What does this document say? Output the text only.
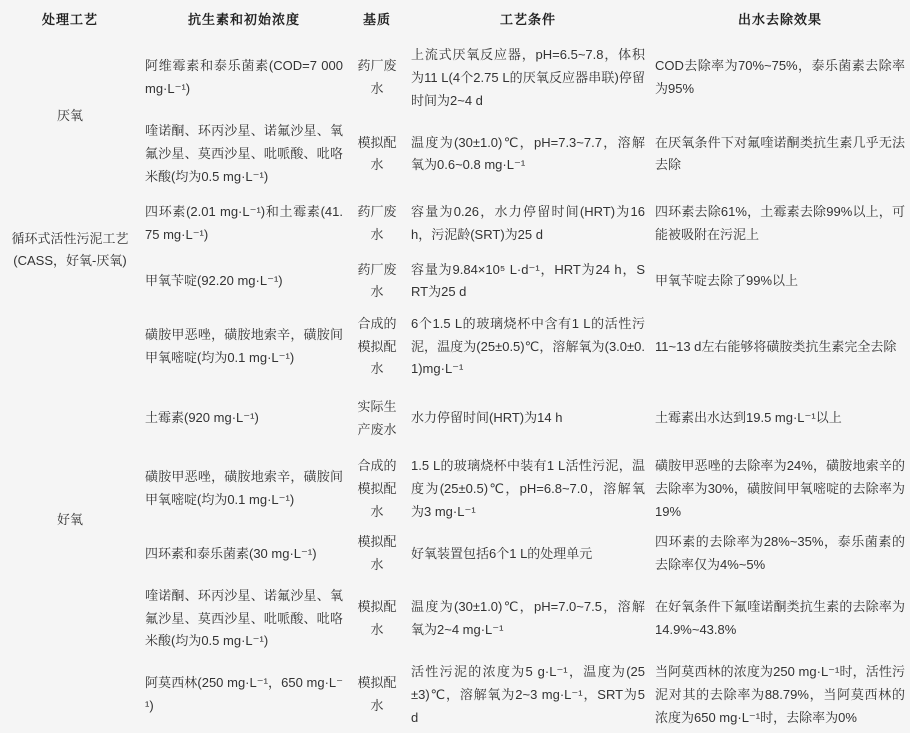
处理工艺	抗生素和初始浓度	基质	工艺条件	出水去除效果
厌氧	阿维霉素和泰乐菌素(COD=7 000 mg·L⁻¹)	药厂废水	上流式厌氧反应器，pH=6.5~7.8，体积为11 L(4个2.75 L的厌氧反应器串联)停留时间为2~4 d	COD去除率为70%~75%，泰乐菌素去除率为95%
	喹诺酮、环丙沙星、诺氟沙星、氧氟沙星、莫西沙星、吡哌酸、吡咯米酸(均为0.5 mg·L⁻¹)	模拟配水	温度为(30±1.0)℃，pH=7.3~7.7，溶解氧为0.6~0.8 mg·L⁻¹	在厌氧条件下对氟喹诺酮类抗生素几乎无法去除
循环式活性污泥工艺(CASS，好氧-厌氧)	四环素(2.01 mg·L⁻¹)和土霉素(41.75 mg·L⁻¹)	药厂废水	容量为0.26，水力停留时间(HRT)为16 h，污泥龄(SRT)为25 d	四环素去除61%，土霉素去除99%以上，可能被吸附在污泥上
	甲氧苄啶(92.20 mg·L⁻¹)	药厂废水	容量为9.84×10⁵ L·d⁻¹，HRT为24 h，SRT为25 d	甲氧苄啶去除了99%以上
好氧	磺胺甲恶唑，磺胺地索辛，磺胺间甲氧嘧啶(均为0.1 mg·L⁻¹)	合成的模拟配水	6个1.5 L的玻璃烧杯中含有1 L的活性污泥，温度为(25±0.5)℃，溶解氧为(3.0±0.1)mg·L⁻¹	11~13 d左右能够将磺胺类抗生素完全去除
	土霉素(920 mg·L⁻¹)	实际生产废水	水力停留时间(HRT)为14 h	土霉素出水达到19.5 mg·L⁻¹以上
	磺胺甲恶唑，磺胺地索辛，磺胺间甲氧嘧啶(均为0.1 mg·L⁻¹)	合成的模拟配水	1.5 L的玻璃烧杯中装有1 L活性污泥，温度为(25±0.5)℃，pH=6.8~7.0，溶解氧为3 mg·L⁻¹	磺胺甲恶唑的去除率为24%，磺胺地索辛的去除率为30%，磺胺间甲氧嘧啶的去除率为19%
	四环素和泰乐菌素(30 mg·L⁻¹)	模拟配水	好氧装置包括6个1 L的处理单元	四环素的去除率为28%~35%，泰乐菌素的去除率仅为4%~5%
	喹诺酮、环丙沙星、诺氟沙星、氧氟沙星、莫西沙星、吡哌酸、吡咯米酸(均为0.5 mg·L⁻¹)	模拟配水	温度为(30±1.0)℃，pH=7.0~7.5，溶解氧为2~4 mg·L⁻¹	在好氧条件下氟喹诺酮类抗生素的去除率为14.9%~43.8%
	阿莫西林(250 mg·L⁻¹，650 mg·L⁻¹)	模拟配水	活性污泥的浓度为5 g·L⁻¹，温度为(25±3)℃，溶解氧为2~3 mg·L⁻¹，SRT为5 d	当阿莫西林的浓度为250 mg·L⁻¹时，活性污泥对其的去除率为88.79%，当阿莫西林的浓度为650 mg·L⁻¹时，去除率为0%
